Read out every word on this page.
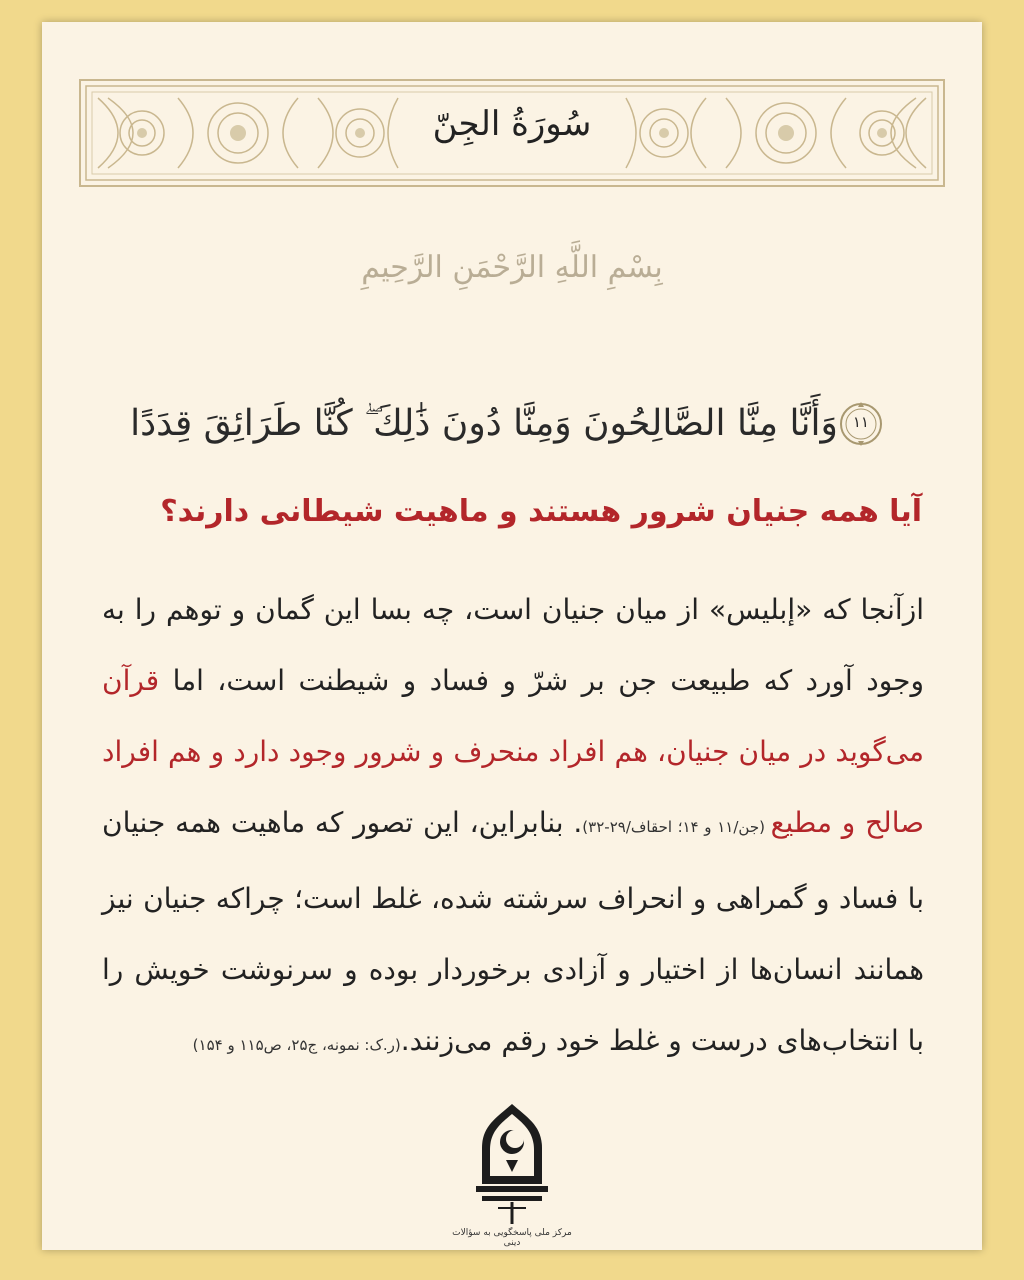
سُورَةُ الجِنّ
بِسْمِ اللَّهِ الرَّحْمَنِ الرَّحِيمِ
وَأَنَّا مِنَّا الصَّالِحُونَ وَمِنَّا دُونَ ذَٰلِكَ ۖ كُنَّا طَرَائِقَ قِدَدًا ١١
آیا همه جنیان شرور هستند و ماهیت شیطانی دارند؟
ازآنجا که «إبلیس» از میان جنیان است، چه بسا این گمان و توهم را به وجود آورد که طبیعت جن بر شرّ و فساد و شیطنت است، اما قرآن می‌گوید در میان جنیان، هم افراد منحرف و شرور وجود دارد و هم افراد صالح و مطیع (جن/۱۱ و ۱۴؛ احقاف/۲۹-۳۲). بنابراین، این تصور که ماهیت همه جنیان با فساد و گمراهی و انحراف سرشته شده، غلط است؛ چراکه جنیان نیز همانند انسان‌ها از اختیار و آزادی برخوردار بوده و سرنوشت خویش را با انتخاب‌های درست و غلط خود رقم می‌زنند.(ر.ک: نمونه، ج۲۵، ص۱۱۵ و ۱۵۴)
مرکز ملی پاسخگویی به سؤالات دینی
